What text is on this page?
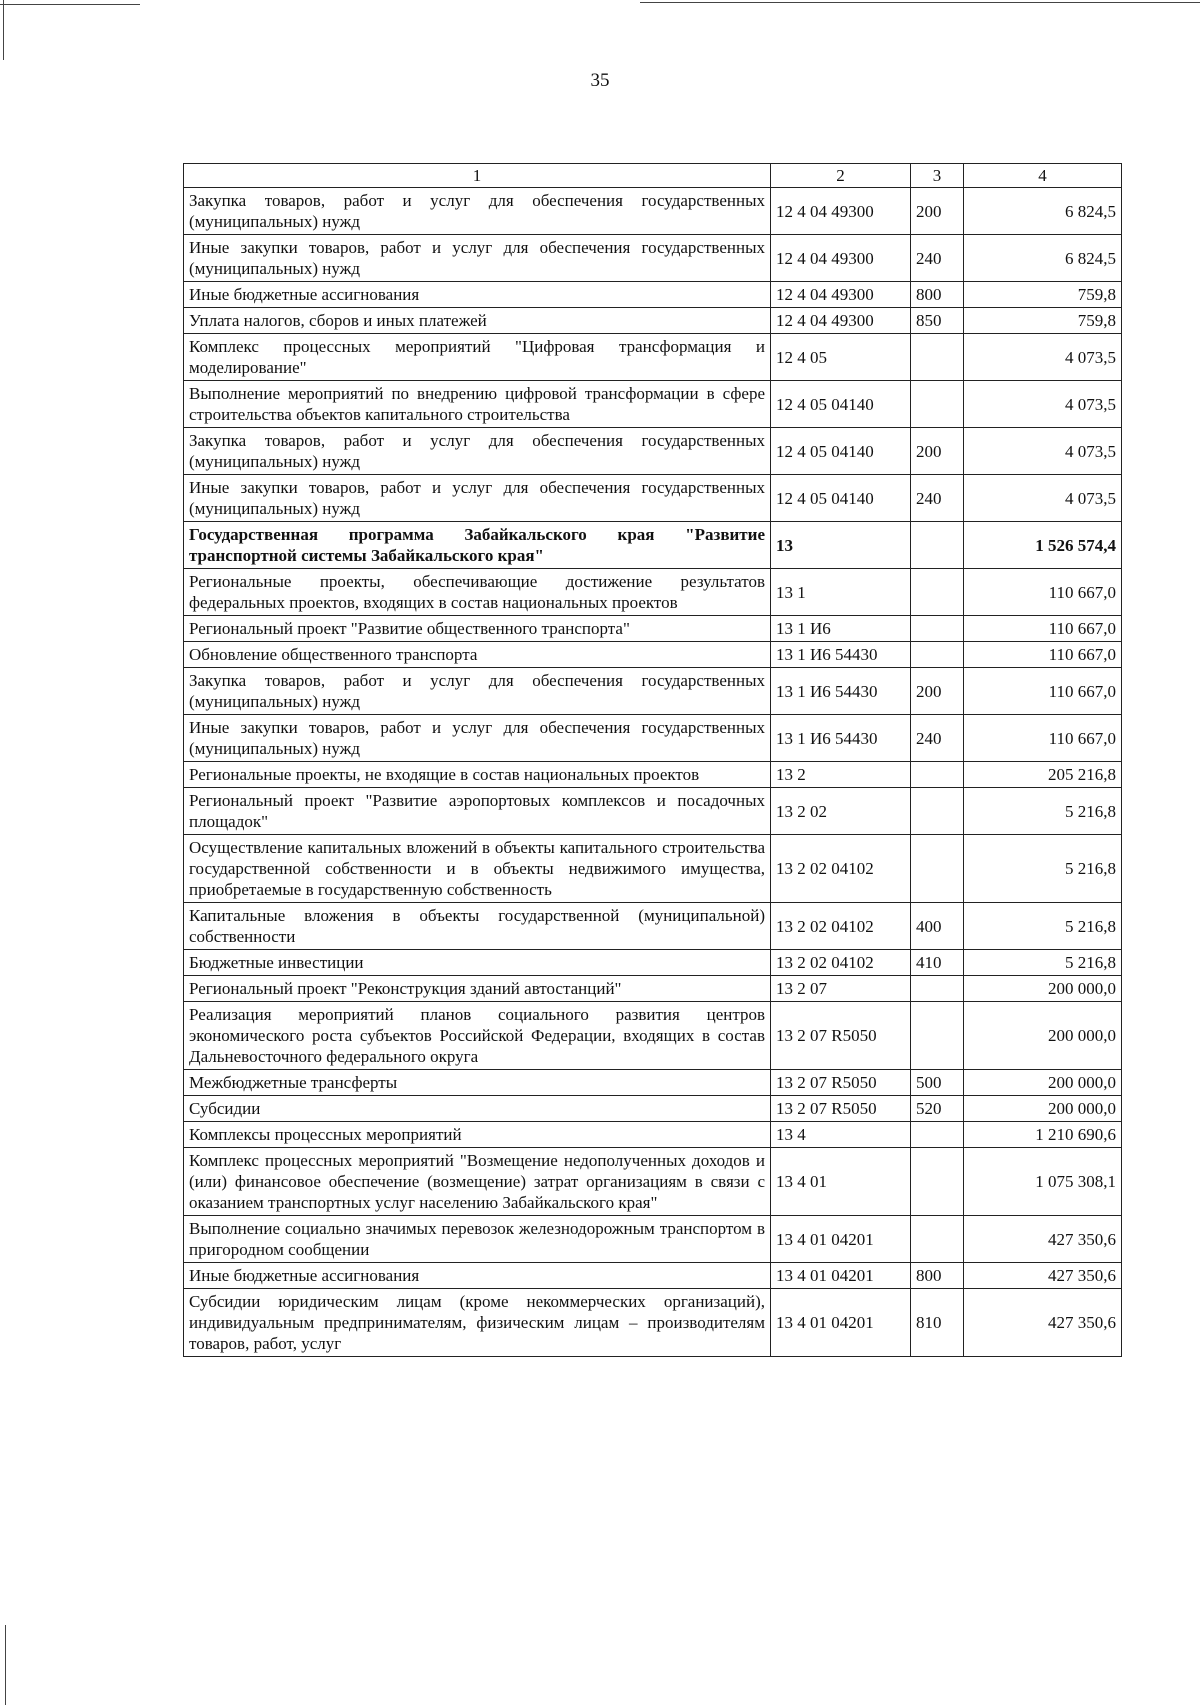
35
1	2	3	4
Закупка товаров, работ и услуг для обеспечения государственных (муниципальных) нужд	12 4 04 49300	200	6 824,5
Иные закупки товаров, работ и услуг для обеспечения государственных (муниципальных) нужд	12 4 04 49300	240	6 824,5
Иные бюджетные ассигнования	12 4 04 49300	800	759,8
Уплата налогов, сборов и иных платежей	12 4 04 49300	850	759,8
Комплекс процессных мероприятий "Цифровая трансформация и моделирование"	12 4 05		4 073,5
Выполнение мероприятий по внедрению цифровой трансформации в сфере строительства объектов капитального строительства	12 4 05 04140		4 073,5
Закупка товаров, работ и услуг для обеспечения государственных (муниципальных) нужд	12 4 05 04140	200	4 073,5
Иные закупки товаров, работ и услуг для обеспечения государственных (муниципальных) нужд	12 4 05 04140	240	4 073,5
Государственная программа Забайкальского края "Развитие транспортной системы Забайкальского края"	13		1 526 574,4
Региональные проекты, обеспечивающие достижение результатов федеральных проектов, входящих в состав национальных проектов	13 1		110 667,0
Региональный проект "Развитие общественного транспорта"	13 1 И6		110 667,0
Обновление общественного транспорта	13 1 И6 54430		110 667,0
Закупка товаров, работ и услуг для обеспечения государственных (муниципальных) нужд	13 1 И6 54430	200	110 667,0
Иные закупки товаров, работ и услуг для обеспечения государственных (муниципальных) нужд	13 1 И6 54430	240	110 667,0
Региональные проекты, не входящие в состав национальных проектов	13 2		205 216,8
Региональный проект "Развитие аэропортовых комплексов и посадочных площадок"	13 2 02		5 216,8
Осуществление капитальных вложений в объекты капитального строительства государственной собственности и в объекты недвижимого имущества, приобретаемые в государственную собственность	13 2 02 04102		5 216,8
Капитальные вложения в объекты государственной (муниципальной) собственности	13 2 02 04102	400	5 216,8
Бюджетные инвестиции	13 2 02 04102	410	5 216,8
Региональный проект "Реконструкция зданий автостанций"	13 2 07		200 000,0
Реализация мероприятий планов социального развития центров экономического роста субъектов Российской Федерации, входящих в состав Дальневосточного федерального округа	13 2 07 R5050		200 000,0
Межбюджетные трансферты	13 2 07 R5050	500	200 000,0
Субсидии	13 2 07 R5050	520	200 000,0
Комплексы процессных мероприятий	13 4		1 210 690,6
Комплекс процессных мероприятий "Возмещение недополученных доходов и (или) финансовое обеспечение (возмещение) затрат организациям в связи с оказанием транспортных услуг населению Забайкальского края"	13 4 01		1 075 308,1
Выполнение социально значимых перевозок железнодорожным транспортом в пригородном сообщении	13 4 01 04201		427 350,6
Иные бюджетные ассигнования	13 4 01 04201	800	427 350,6
Субсидии юридическим лицам (кроме некоммерческих организаций), индивидуальным предпринимателям, физическим лицам – производителям товаров, работ, услуг	13 4 01 04201	810	427 350,6
